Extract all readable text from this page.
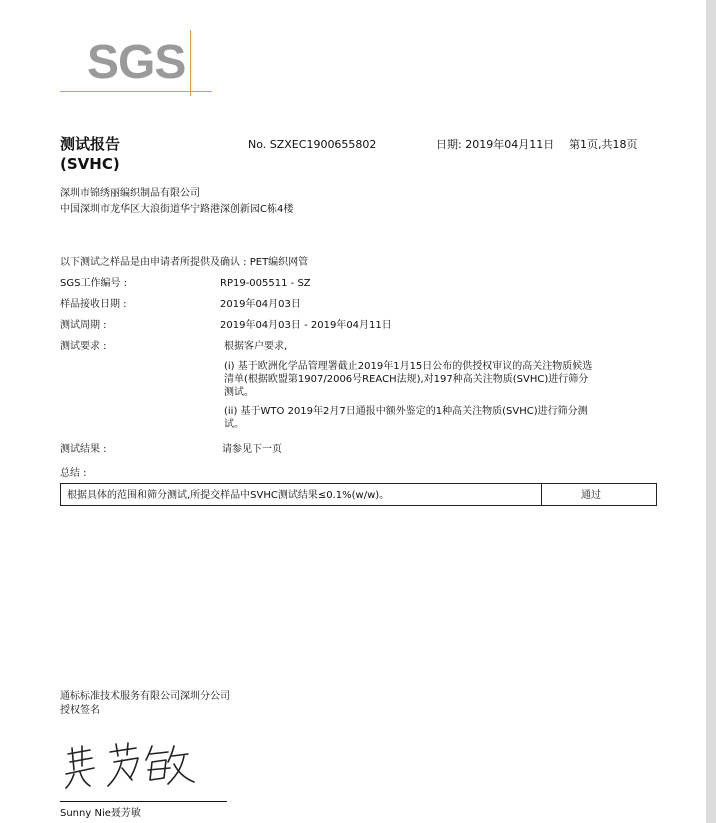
SGS
测试报告
(SVHC)
No. SZXEC1900655802	日期: 2019年04月11日 第1页,共18页
深圳市锦绣丽编织制品有限公司
中国深圳市龙华区大浪街道华宁路港深创新园C栋4楼
以下测试之样品是由申请者所提供及确认 : PET编织网管
SGS工作编号 :	RP19-005511 - SZ
样品接收日期 :	2019年04月03日
测试周期 :	2019年04月03日 - 2019年04月11日
测试要求 :	根据客户要求,
(i) 基于欧洲化学品管理署截止2019年1月15日公布的供授权审议的高关注物质候选
清单(根据欧盟第1907/2006号REACH法规),对197种高关注物质(SVHC)进行筛分
测试。
(ii) 基于WTO 2019年2月7日通报中额外鉴定的1种高关注物质(SVHC)进行筛分测
试。
测试结果 :	请参见下一页
总结 :
根据具体的范围和筛分测试,所提交样品中SVHC测试结果≤0.1%(w/w)。	通过
通标标准技术服务有限公司深圳分公司
授权签名
Sunny Nie聂芳敏
